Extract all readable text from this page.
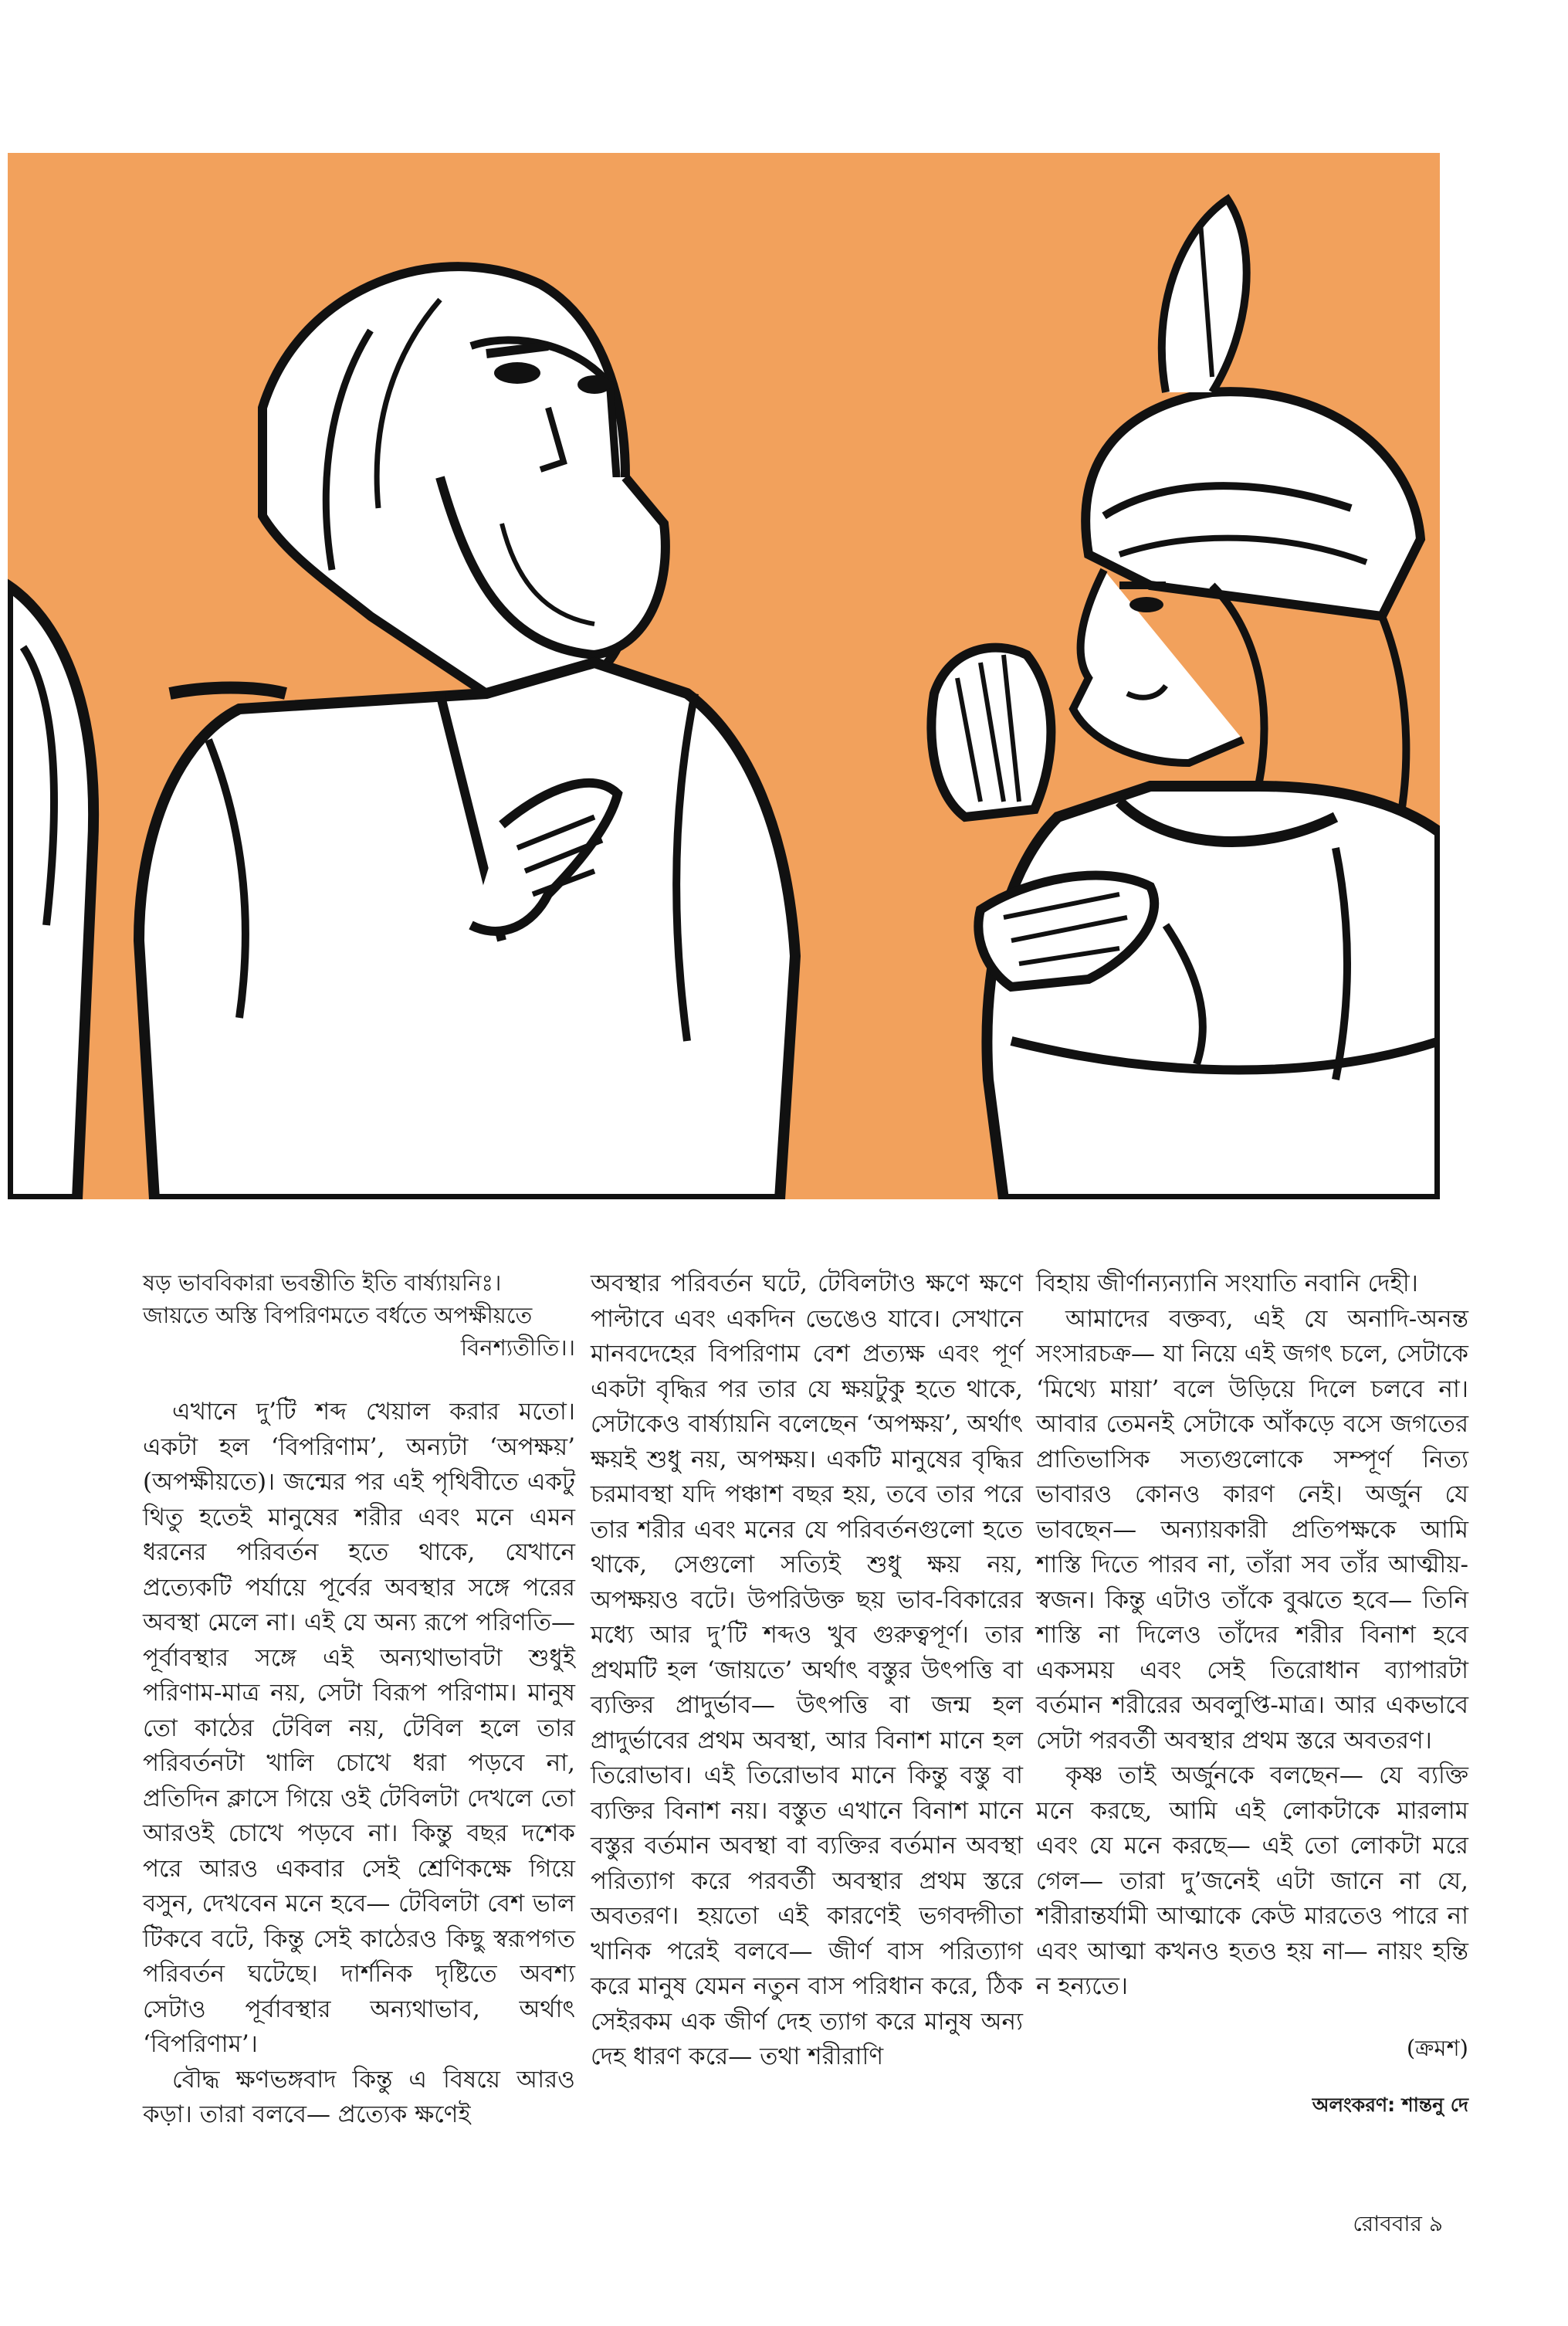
ষড় ভাববিকারা ভবন্তীতি ইতি বার্ষ্যায়নিঃ।
জায়তে অস্তি বিপরিণমতে বর্ধতে অপক্ষীয়তে
বিনশ্যতীতি।।

এখানে দু’টি শব্দ খেয়াল করার মতো। একটা হল ‘বিপরিণাম’, অন্যটা ‘অপক্ষয়’ (অপক্ষীয়তে)। জন্মের পর এই পৃথিবীতে একটু থিতু হতেই মানুষের শরীর এবং মনে এমন ধরনের পরিবর্তন হতে থাকে, যেখানে প্রত্যেকটি পর্যায়ে পূর্বের অবস্থার সঙ্গে পরের অবস্থা মেলে না। এই যে অন্য রূপে পরিণতি— পূর্বাবস্থার সঙ্গে এই অন্যথাভাবটা শুধুই পরিণাম-মাত্র নয়, সেটা বিরূপ পরিণাম। মানুষ তো কাঠের টেবিল নয়, টেবিল হলে তার পরিবর্তনটা খালি চোখে ধরা পড়বে না, প্রতিদিন ক্লাসে গিয়ে ওই টেবিলটা দেখলে তো আরওই চোখে পড়বে না। কিন্তু বছর দশেক পরে আরও একবার সেই শ্রেণিকক্ষে গিয়ে বসুন, দেখবেন মনে হবে— টেবিলটা বেশ ভাল টিকবে বটে, কিন্তু সেই কাঠেরও কিছু স্বরূপগত পরিবর্তন ঘটেছে। দার্শনিক দৃষ্টিতে অবশ্য সেটাও পূর্বাবস্থার অন্যথাভাব, অর্থাৎ ‘বিপরিণাম’।

বৌদ্ধ ক্ষণভঙ্গবাদ কিন্তু এ বিষয়ে আরও কড়া। তারা বলবে— প্রত্যেক ক্ষণেই

অবস্থার পরিবর্তন ঘটে, টেবিলটাও ক্ষণে ক্ষণে পাল্টাবে এবং একদিন ভেঙেও যাবে। সেখানে মানবদেহের বিপরিণাম বেশ প্রত্যক্ষ এবং পূর্ণ একটা বৃদ্ধির পর তার যে ক্ষয়টুকু হতে থাকে, সেটাকেও বার্ষ্যায়নি বলেছেন ‘অপক্ষয়’, অর্থাৎ ক্ষয়ই শুধু নয়, অপক্ষয়। একটি মানুষের বৃদ্ধির চরমাবস্থা যদি পঞ্চাশ বছর হয়, তবে তার পরে তার শরীর এবং মনের যে পরিবর্তনগুলো হতে থাকে, সেগুলো সত্যিই শুধু ক্ষয় নয়, অপক্ষয়ও বটে। উপরিউক্ত ছয় ভাব-বিকারের মধ্যে আর দু’টি শব্দও খুব গুরুত্বপূর্ণ। তার প্রথমটি হল ‘জায়তে’ অর্থাৎ বস্তুর উৎপত্তি বা ব্যক্তির প্রাদুর্ভাব— উৎপত্তি বা জন্ম হল প্রাদুর্ভাবের প্রথম অবস্থা, আর বিনাশ মানে হল তিরোভাব। এই তিরোভাব মানে কিন্তু বস্তু বা ব্যক্তির বিনাশ নয়। বস্তুত এখানে বিনাশ মানে বস্তুর বর্তমান অবস্থা বা ব্যক্তির বর্তমান অবস্থা পরিত্যাগ করে পরবর্তী অবস্থার প্রথম স্তরে অবতরণ। হয়তো এই কারণেই ভগবদ্গীতা খানিক পরেই বলবে— জীর্ণ বাস পরিত্যাগ করে মানুষ যেমন নতুন বাস পরিধান করে, ঠিক সেইরকম এক জীর্ণ দেহ ত্যাগ করে মানুষ অন্য দেহ ধারণ করে— তথা শরীরাণি

বিহায় জীর্ণান্যন্যানি সংযাতি নবানি দেহী।

আমাদের বক্তব্য, এই যে অনাদি-অনন্ত সংসারচক্র— যা নিয়ে এই জগৎ চলে, সেটাকে ‘মিথ্যে মায়া’ বলে উড়িয়ে দিলে চলবে না। আবার তেমনই সেটাকে আঁকড়ে বসে জগতের প্রাতিভাসিক সত্যগুলোকে সম্পূর্ণ নিত্য ভাবারও কোনও কারণ নেই। অর্জুন যে ভাবছেন— অন্যায়কারী প্রতিপক্ষকে আমি শাস্তি দিতে পারব না, তাঁরা সব তাঁর আত্মীয়-স্বজন। কিন্তু এটাও তাঁকে বুঝতে হবে— তিনি শাস্তি না দিলেও তাঁদের শরীর বিনাশ হবে একসময় এবং সেই তিরোধান ব্যাপারটা বর্তমান শরীরের অবলুপ্তি-মাত্র। আর একভাবে সেটা পরবর্তী অবস্থার প্রথম স্তরে অবতরণ।

কৃষ্ণ তাই অর্জুনকে বলছেন— যে ব্যক্তি মনে করছে, আমি এই লোকটাকে মারলাম এবং যে মনে করছে— এই তো লোকটা মরে গেল— তারা দু’জনেই এটা জানে না যে, শরীরান্তর্যামী আত্মাকে কেউ মারতেও পারে না এবং আত্মা কখনও হতও হয় না— নায়ং হন্তি ন হন্যতে।

(ক্রমশ)
অলংকরণ: শান্তনু দে
রোববার ৯
